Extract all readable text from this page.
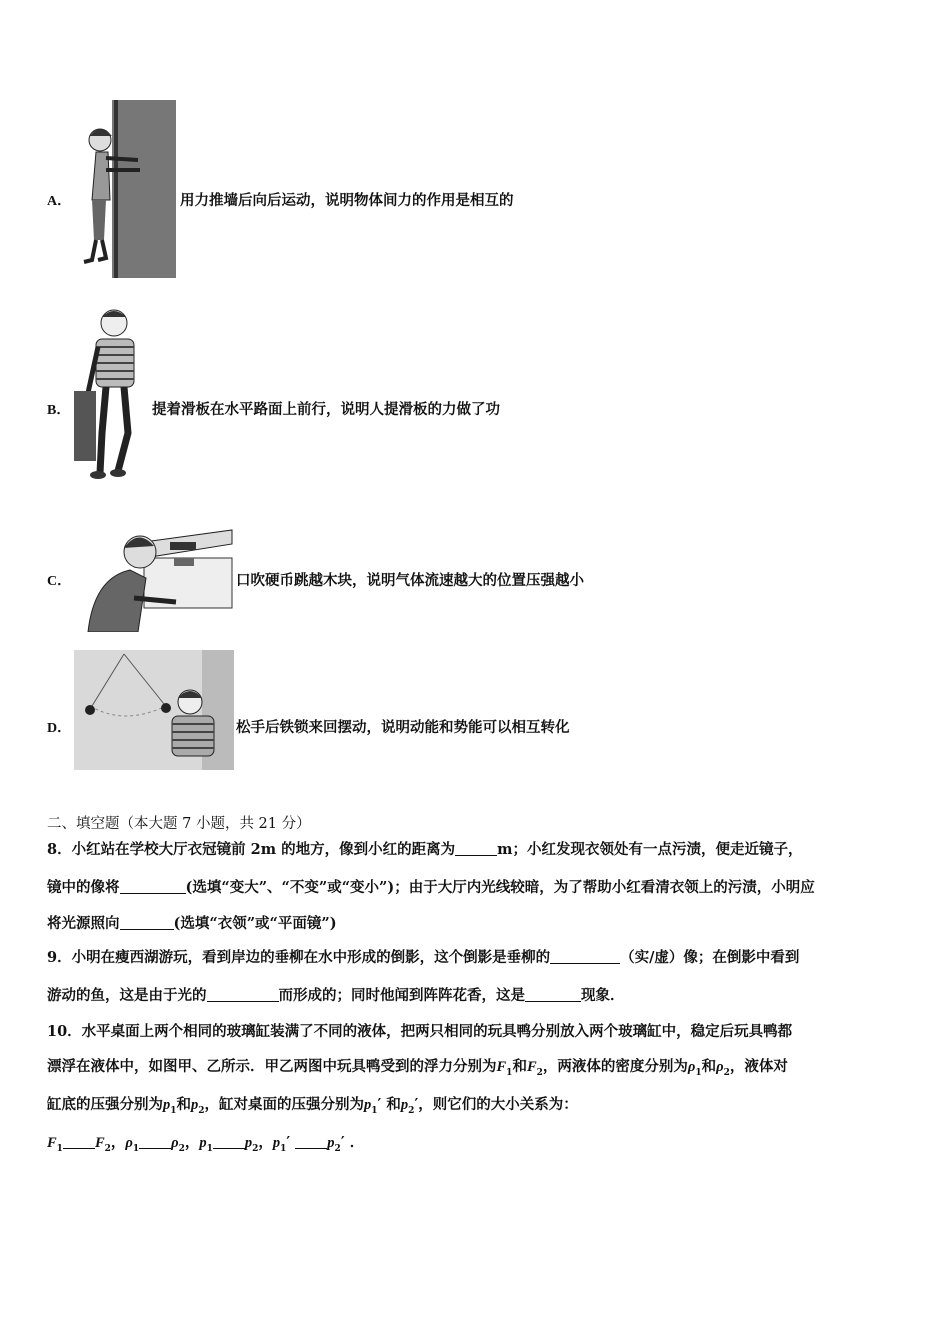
A．	用力推墙后向后运动，说明物体间力的作用是相互的
B．	提着滑板在水平路面上前行，说明人提滑板的力做了功
C．	口吹硬币跳越木块，说明气体流速越大的位置压强越小
D．	松手后铁锁来回摆动，说明动能和势能可以相互转化
二、填空题（本大题 7 小题，共 21 分）
8．小红站在学校大厅衣冠镜前 2m 的地方，像到小红的距离为	m；小红发现衣领处有一点污渍，便走近镜子，
镜中的像将	(选填“变大”、“不变”或“变小”)；由于大厅内光线较暗，为了帮助小红看清衣领上的污渍，小明应
将光源照向	(选填“衣领”或“平面镜”)
9．小明在瘦西湖游玩，看到岸边的垂柳在水中形成的倒影，这个倒影是垂柳的	（实/虚）像；在倒影中看到
游动的鱼，这是由于光的	而形成的；同时他闻到阵阵花香，这是	现象．
10．水平桌面上两个相同的玻璃缸装满了不同的液体，把两只相同的玩具鸭分别放入两个玻璃缸中，稳定后玩具鸭都
漂浮在液体中，如图甲、乙所示．甲乙两图中玩具鸭受到的浮力分别为$F_1$和$F_2$，两液体的密度分别为$\rho_1$和$\rho_2$，液体对
缸底的压强分别为$p_1$和$p_2$，缸对桌面的压强分别为$p_1'$ 和$p_2'$，则它们的大小关系为：
$F_1$ $F_2$，$\rho_1$ $\rho_2$，$p_1$ $p_2$，$p_1'$ $p_2'$ ．
